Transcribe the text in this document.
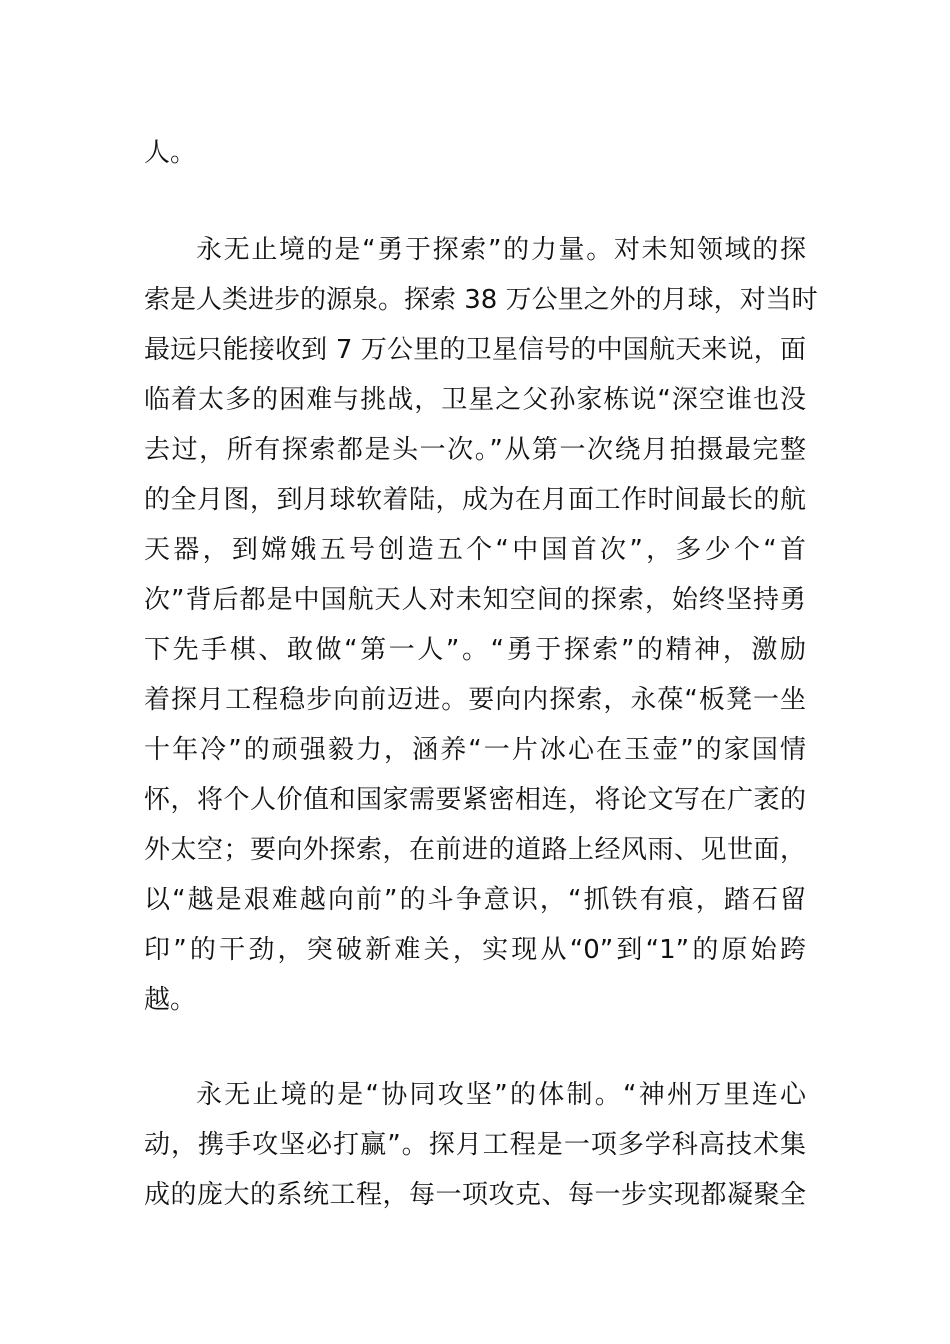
人。
永无止境的是“勇于探索”的力量。对未知领域的探
索是人类进步的源泉。探索 38 万公里之外的月球，对当时
最远只能接收到 7 万公里的卫星信号的中国航天来说，面
临着太多的困难与挑战，卫星之父孙家栋说“深空谁也没
去过，所有探索都是头一次。”从第一次绕月拍摄最完整
的全月图，到月球软着陆，成为在月面工作时间最长的航
天器，到嫦娥五号创造五个“中国首次”，多少个“首
次”背后都是中国航天人对未知空间的探索，始终坚持勇
下先手棋、敢做“第一人”。“勇于探索”的精神，激励
着探月工程稳步向前迈进。要向内探索，永葆“板凳一坐
十年冷”的顽强毅力，涵养“一片冰心在玉壶”的家国情
怀，将个人价值和国家需要紧密相连，将论文写在广袤的
外太空；要向外探索，在前进的道路上经风雨、见世面，
以“越是艰难越向前”的斗争意识，“抓铁有痕，踏石留
印”的干劲，突破新难关，实现从“0”到“1”的原始跨
越。
永无止境的是“协同攻坚”的体制。“神州万里连心
动，携手攻坚必打赢”。探月工程是一项多学科高技术集
成的庞大的系统工程，每一项攻克、每一步实现都凝聚全
